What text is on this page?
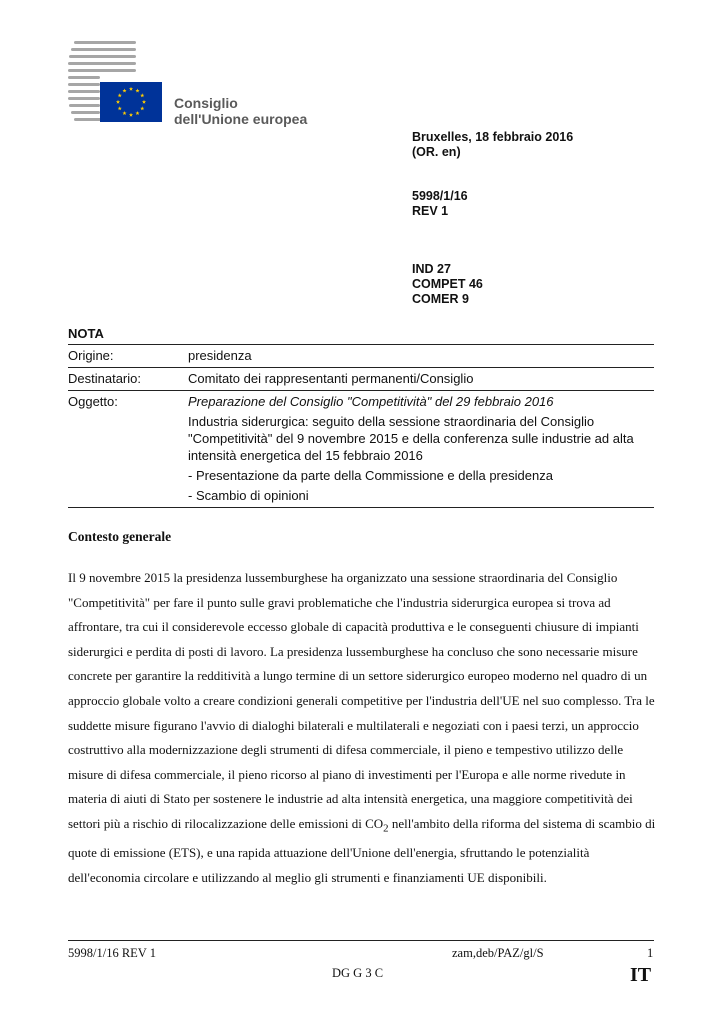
Consiglio
dell'Unione europea
Bruxelles, 18 febbraio 2016
(OR. en)
5998/1/16
REV 1
IND 27
COMPET 46
COMER 9
NOTA
Origine:	presidenza
Destinatario:	Comitato dei rappresentanti permanenti/Consiglio
Oggetto:	Preparazione del Consiglio "Competitività" del 29 febbraio 2016
Industria siderurgica: seguito della sessione straordinaria del Consiglio "Competitività" del 9 novembre 2015 e della conferenza sulle industrie ad alta intensità energetica del 15 febbraio 2016
- Presentazione da parte della Commissione e della presidenza
- Scambio di opinioni
Contesto generale

Il 9 novembre 2015 la presidenza lussemburghese ha organizzato una sessione straordinaria del Consiglio "Competitività" per fare il punto sulle gravi problematiche che l'industria siderurgica europea si trova ad affrontare, tra cui il considerevole eccesso globale di capacità produttiva e le conseguenti chiusure di impianti siderurgici e perdita di posti di lavoro. La presidenza lussemburghese ha concluso che sono necessarie misure concrete per garantire la redditività a lungo termine di un settore siderurgico europeo moderno nel quadro di un approccio globale volto a creare condizioni generali competitive per l'industria dell'UE nel suo complesso. Tra le suddette misure figurano l'avvio di dialoghi bilaterali e multilaterali e negoziati con i paesi terzi, un approccio costruttivo alla modernizzazione degli strumenti di difesa commerciale, il pieno e tempestivo utilizzo delle misure di difesa commerciale, il pieno ricorso al piano di investimenti per l'Europa e alle norme rivedute in materia di aiuti di Stato per sostenere le industrie ad alta intensità energetica, una maggiore competitività dei settori più a rischio di rilocalizzazione delle emissioni di $CO_2$ nell'ambito della riforma del sistema di scambio di quote di emissione (ETS), e una rapida attuazione dell'Unione dell'energia, sfruttando le potenzialità dell'economia circolare e utilizzando al meglio gli strumenti e finanziamenti UE disponibili.

5998/1/16 REV 1	zam,deb/PAZ/gl/S	1
DG G 3 C	IT
